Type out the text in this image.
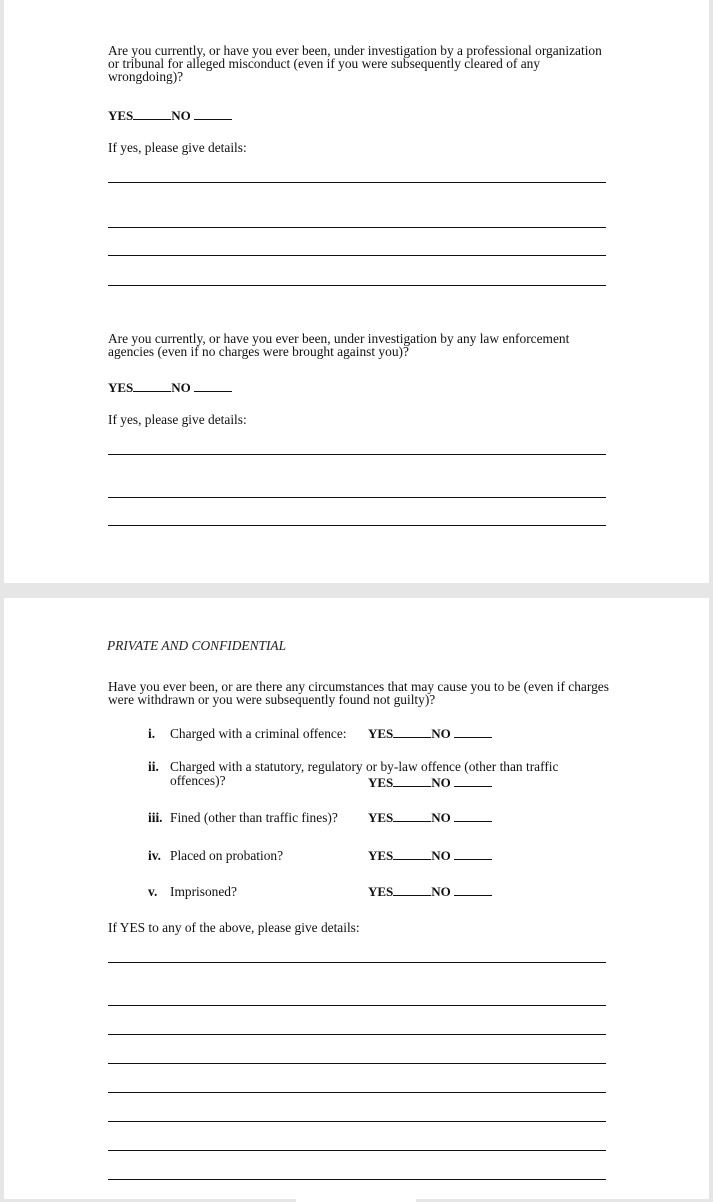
Are you currently, or have you ever been, under investigation by a professional organization or tribunal for alleged misconduct (even if you were subsequently cleared of any wrongdoing)?
YES	NO
If yes, please give details:
Are you currently, or have you ever been, under investigation by any law enforcement agencies (even if no charges were brought against you)?
YES	NO
If yes, please give details:
PRIVATE AND CONFIDENTIAL
Have you ever been, or are there any circumstances that may cause you to be (even if charges were withdrawn or you were subsequently found not guilty)?
i. Charged with a criminal offence: YES	NO
ii. Charged with a statutory, regulatory or by-law offence (other than traffic
offences)?	YES	NO
iii. Fined (other than traffic fines)? YES	NO
iv. Placed on probation?	YES	NO
v. Imprisoned?	YES	NO
If YES to any of the above, please give details:
